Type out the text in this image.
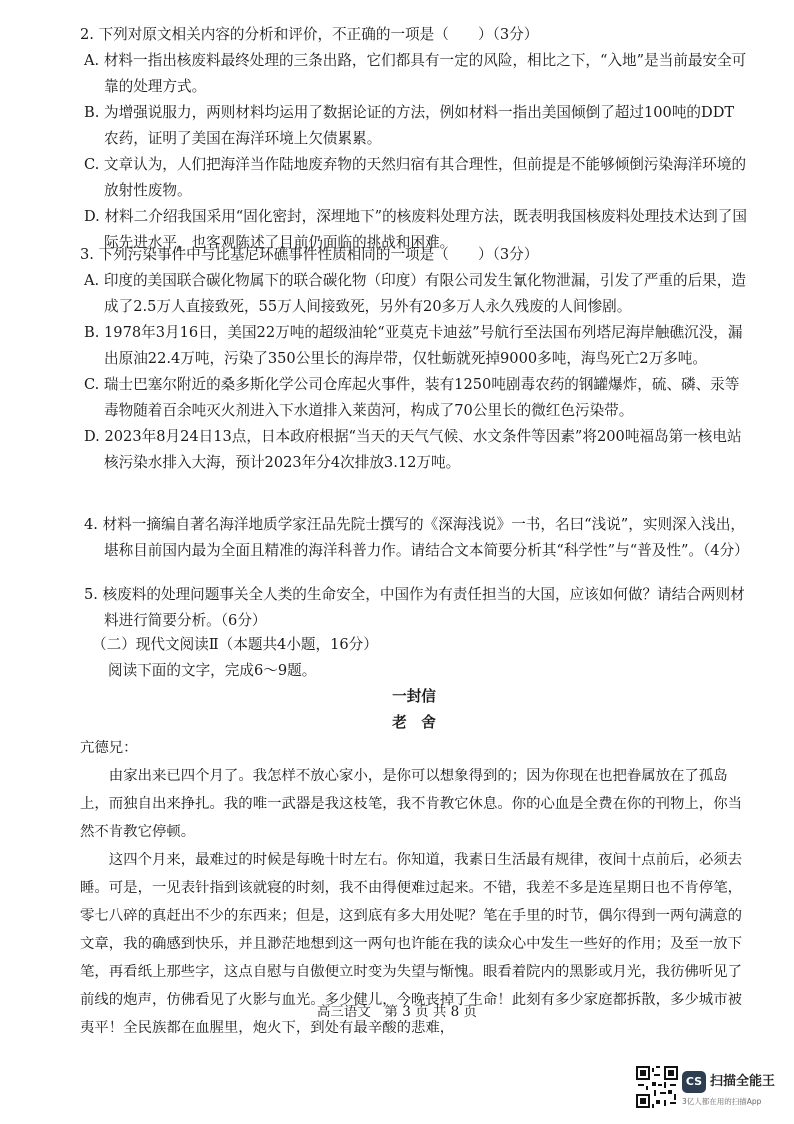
2. 下列对原文相关内容的分析和评价，不正确的一项是（　　）（3分）

A. 材料一指出核废料最终处理的三条出路，它们都具有一定的风险，相比之下，“入地”是当前最安全可靠的处理方式。

B. 为增强说服力，两则材料均运用了数据论证的方法，例如材料一指出美国倾倒了超过100吨的DDT农药，证明了美国在海洋环境上欠债累累。

C. 文章认为，人们把海洋当作陆地废弃物的天然归宿有其合理性，但前提是不能够倾倒污染海洋环境的放射性废物。

D. 材料二介绍我国采用“固化密封，深埋地下”的核废料处理方法，既表明我国核废料处理技术达到了国际先进水平，也客观陈述了目前仍面临的挑战和困难。

3. 下列污染事件中与比基尼环礁事件性质相同的一项是（　　）（3分）

A. 印度的美国联合碳化物属下的联合碳化物（印度）有限公司发生氰化物泄漏，引发了严重的后果，造成了2.5万人直接致死，55万人间接致死，另外有20多万人永久残废的人间惨剧。

B. 1978年3月16日，美国22万吨的超级油轮“亚莫克卡迪兹”号航行至法国布列塔尼海岸触礁沉没，漏出原油22.4万吨，污染了350公里长的海岸带，仅牡蛎就死掉9000多吨，海鸟死亡2万多吨。

C. 瑞士巴塞尔附近的桑多斯化学公司仓库起火事件，装有1250吨剧毒农药的钢罐爆炸，硫、磷、汞等毒物随着百余吨灭火剂进入下水道排入莱茵河，构成了70公里长的微红色污染带。

D. 2023年8月24日13点，日本政府根据“当天的天气气候、水文条件等因素”将200吨福岛第一核电站核污染水排入大海，预计2023年分4次排放3.12万吨。

4. 材料一摘编自著名海洋地质学家汪品先院士撰写的《深海浅说》一书，名曰“浅说”，实则深入浅出，堪称目前国内最为全面且精准的海洋科普力作。请结合文本简要分析其“科学性”与“普及性”。（4分）

5. 核废料的处理问题事关全人类的生命安全，中国作为有责任担当的大国，应该如何做？请结合两则材料进行简要分析。（6分）

（二）现代文阅读Ⅱ（本题共4小题，16分）

阅读下面的文字，完成6～9题。

一封信
老　舍

亢德兄：

由家出来已四个月了。我怎样不放心家小，是你可以想象得到的；因为你现在也把眷属放在了孤岛上，而独自出来挣扎。我的唯一武器是我这枝笔，我不肯教它休息。你的心血是全费在你的刊物上，你当然不肯教它停顿。

这四个月来，最难过的时候是每晚十时左右。你知道，我素日生活最有规律，夜间十点前后，必须去睡。可是，一见表针指到该就寝的时刻，我不由得便难过起来。不错，我差不多是连星期日也不肯停笔，零七八碎的真赶出不少的东西来；但是，这到底有多大用处呢？笔在手里的时节，偶尔得到一两句满意的文章，我的确感到快乐，并且渺茫地想到这一两句也许能在我的读众心中发生一些好的作用；及至一放下笔，再看纸上那些字，这点自慰与自傲便立时变为失望与惭愧。眼看着院内的黑影或月光，我彷佛听见了前线的炮声，仿佛看见了火影与血光。多少健儿，今晚丧掉了生命！此刻有多少家庭都拆散，多少城市被夷平！全民族都在血腥里，炮火下，到处有最辛酸的悲难，

高三语文　第 3 页 共 8 页
CS 扫描全能王
3亿人都在用的扫描App
